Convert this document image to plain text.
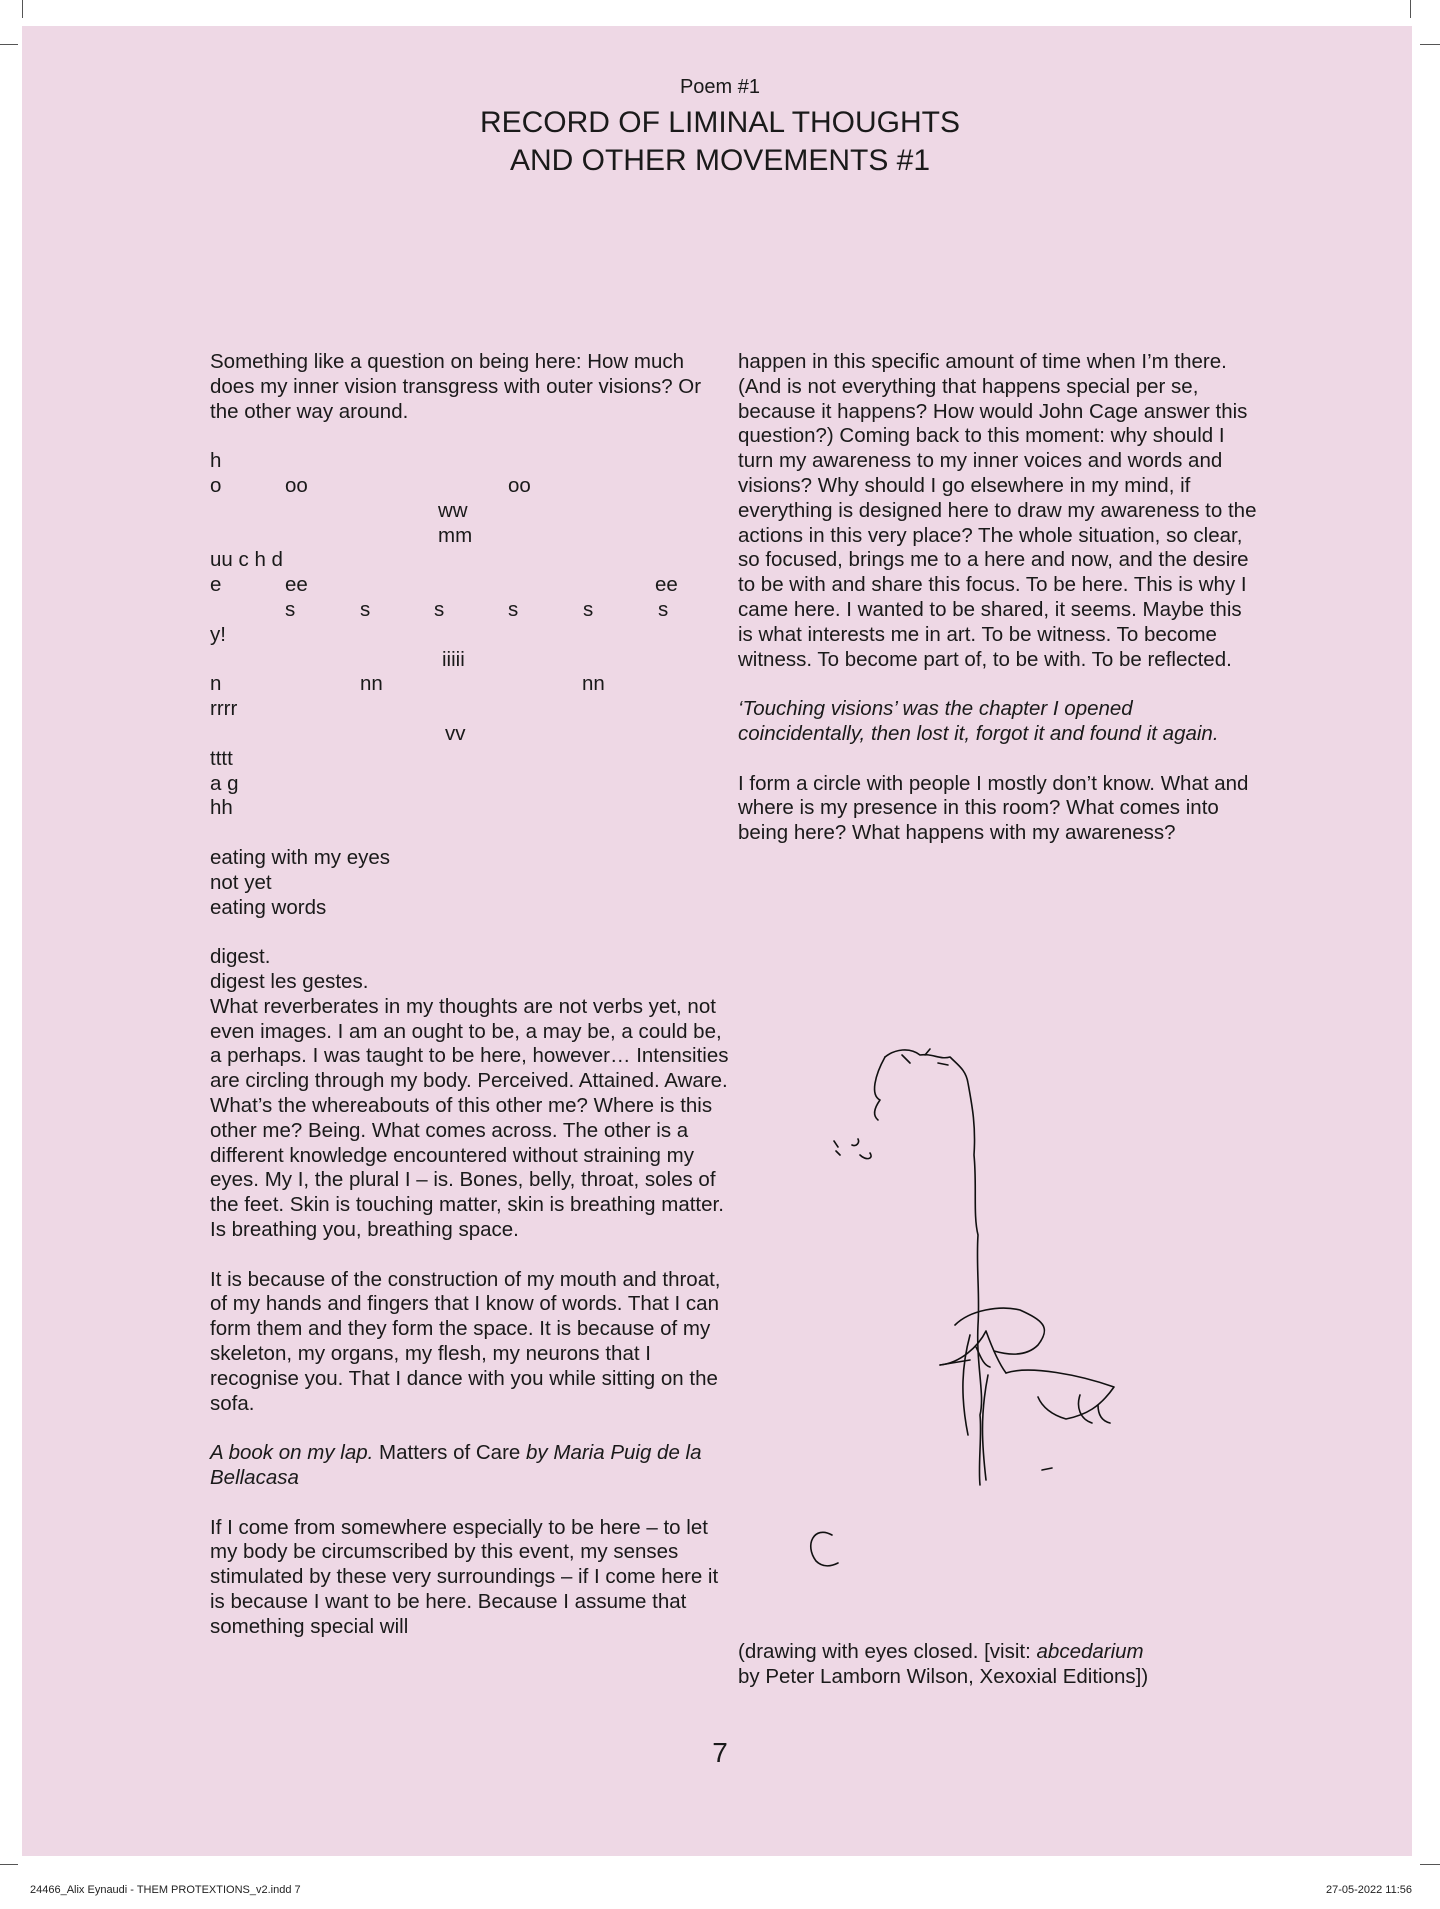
Poem #1
RECORD OF LIMINAL THOUGHTS
AND OTHER MOVEMENTS #1

Something like a question on being here: How much does my inner vision transgress with outer visions? Or the other way around.

h
o	oo	oo
ww
mm
uu c h d
e	ee	ee
s	s	s	s	s	s
y!
iiiii
n	nn	nn
rrrr
vv
tttt
a g
hh

eating with my eyes
not yet
eating words

digest.
digest les gestes.
What reverberates in my thoughts are not verbs yet, not even images. I am an ought to be, a may be, a could be, a perhaps. I was taught to be here, however… Intensities are circling through my body. Perceived. Attained. Aware. What’s the whereabouts of this other me? Where is this other me? Being. What comes across. The other is a different knowledge encountered without straining my eyes. My I, the plural I – is. Bones, belly, throat, soles of the feet. Skin is touching matter, skin is breathing matter. Is breathing you, breathing space.

It is because of the construction of my mouth and throat, of my hands and fingers that I know of words. That I can form them and they form the space. It is because of my skeleton, my organs, my flesh, my neurons that I recognise you. That I dance with you while sitting on the sofa.

A book on my lap. Matters of Care by Maria Puig de la Bellacasa

If I come from somewhere especially to be here – to let my body be circumscribed by this event, my senses stimulated by these very surroundings – if I come here it is because I want to be here. Because I assume that something special will

happen in this specific amount of time when I’m there. (And is not everything that happens special per se, because it happens? How would John Cage answer this question?) Coming back to this moment: why should I turn my awareness to my inner voices and words and visions? Why should I go elsewhere in my mind, if everything is designed here to draw my awareness to the actions in this very place? The whole situation, so clear, so focused, brings me to a here and now, and the desire to be with and share this focus. To be here. This is why I came here. I wanted to be shared, it seems. Maybe this is what interests me in art. To be witness. To become witness. To become part of, to be with. To be reflected.

‘Touching visions’ was the chapter I opened coincidentally, then lost it, forgot it and found it again.

I form a circle with people I mostly don’t know. What and where is my presence in this room? What comes into being here? What happens with my awareness?

(drawing with eyes closed. [visit: abcedarium
by Peter Lamborn Wilson, Xexoxial Editions])
7
24466_Alix Eynaudi - THEM PROTEXTIONS_v2.indd 7	27-05-2022 11:56
